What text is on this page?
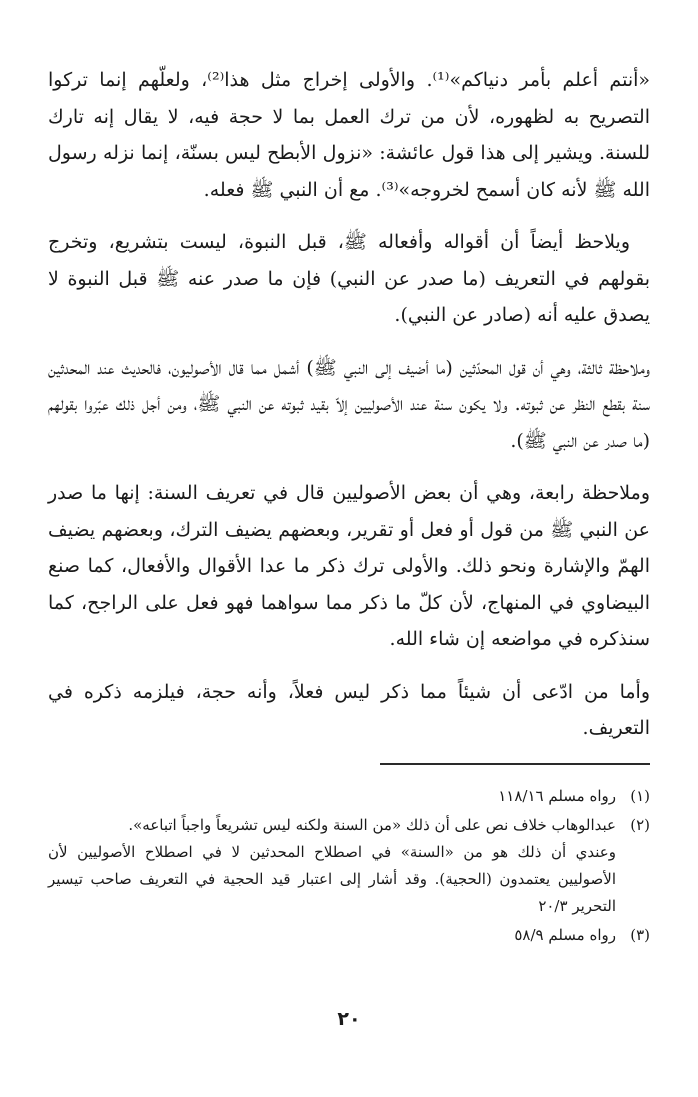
«أنتم أعلم بأمر دنياكم»⁽¹⁾. والأولى إخراج مثل هذا⁽²⁾، ولعلّهم إنما تركوا التصريح به لظهوره، لأن من ترك العمل بما لا حجة فيه، لا يقال إنه تارك للسنة. ويشير إلى هذا قول عائشة: «نزول الأبطح ليس بسنّة، إنما نزله رسول الله ﷺ لأنه كان أسمح لخروجه»⁽³⁾. مع أن النبي ﷺ فعله.

ويلاحظ أيضاً أن أقواله وأفعاله ﷺ، قبل النبوة، ليست بتشريع، وتخرج بقولهم في التعريف (ما صدر عن النبي) فإن ما صدر عنه ﷺ قبل النبوة لا يصدق عليه أنه (صادر عن النبي).

وملاحظة ثالثة، وهي أن قول المحدّثين (ما أضيف إلى النبي ﷺ) أشمل مما قال الأصوليون، فالحديث عند المحدثين سنة بقطع النظر عن ثبوته. ولا يكون سنة عند الأصوليين إلاّ بقيد ثبوته عن النبي ﷺ، ومن أجل ذلك عبّروا بقولهم (ما صدر عن النبي ﷺ).

وملاحظة رابعة، وهي أن بعض الأصوليين قال في تعريف السنة: إنها ما صدر عن النبي ﷺ من قول أو فعل أو تقرير، وبعضهم يضيف الترك، وبعضهم يضيف الهمّ والإشارة ونحو ذلك. والأولى ترك ذكر ما عدا الأقوال والأفعال، كما صنع البيضاوي في المنهاج، لأن كلّ ما ذكر مما سواهما فهو فعل على الراجح، كما سنذكره في مواضعه إن شاء الله.

وأما من ادّعى أن شيئاً مما ذكر ليس فعلاً، وأنه حجة، فيلزمه ذكره في التعريف.

(١)
رواه مسلم ١١٨/١٦
(٢)
عبدالوهاب خلاف نص على أن ذلك «من السنة ولكنه ليس تشريعاً واجباً اتباعه».
وعندي أن ذلك هو من «السنة» في اصطلاح المحدثين لا في اصطلاح الأصوليين لأن الأصوليين يعتمدون (الحجية). وقد أشار إلى اعتبار قيد الحجية في التعريف صاحب تيسير التحرير ٢٠/٣
(٣)
رواه مسلم ٥٨/٩
٢٠
